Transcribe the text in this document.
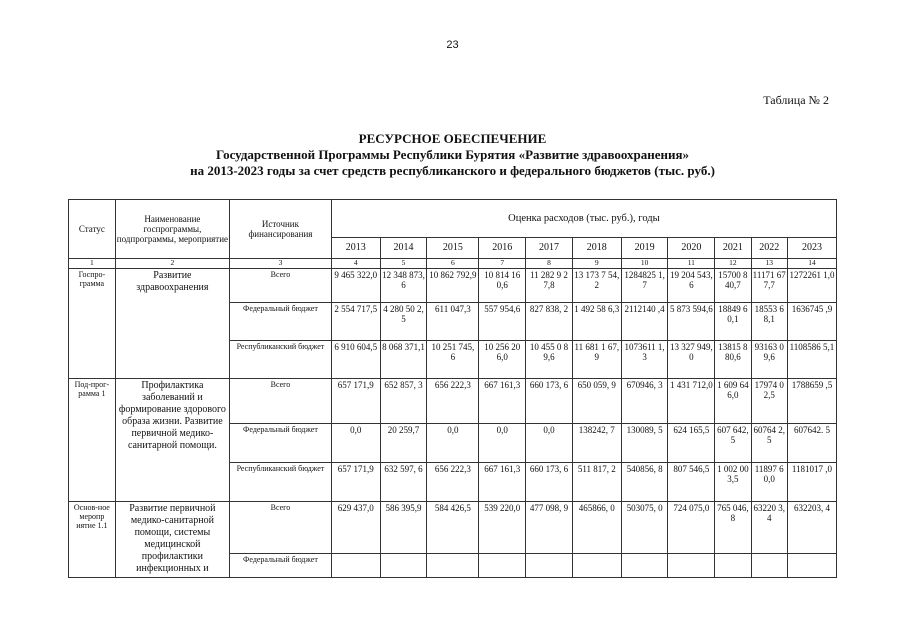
23
Таблица № 2
РЕСУРСНОЕ ОБЕСПЕЧЕНИЕ
Государственной Программы Республики Бурятия «Развитие здравоохранения»
на 2013-2023 годы за счет средств республиканского и федерального бюджетов (тыс. руб.)
Статус	Наименование госпрограммы, подпрограммы, мероприятие	Источник финансирования	Оценка расходов (тыс. руб.), годы										
			2013	2014	2015	2016	2017	2018	2019	2020	2021	2022	2023
1	2	3	4	5	6	7	8	9	10	11	12	13	14
Госпро-грамма	Развитие здравоохранения	Всего	9 465 322,0	12 348 873,6	10 862 792,9	10 814 16 0,6	11 282 9 27,8	13 173 7 54,2	1284825 1,7	19 204 543,6	15700 840,7	11171 677,7	1272261 1,0
		Федеральный бюджет	2 554 717,5	4 280 50 2,5	611 047,3	557 954,6	827 838, 2	1 492 58 6,3	2112140 ,4	5 873 594,6	18849 60,1	18553 68,1	1636745 ,9
		Республиканский бюджет	6 910 604,5	8 068 371,1	10 251 745, 6	10 256 20 6,0	10 455 0 89,6	11 681 1 67,9	1073611 1,3	13 327 949,0	13815 880,6	93163 09,6	1108586 5,1
Под-прог-рамма 1	Профилактика заболеваний и формирование здорового образа жизни. Развитие первичной медико-санитарной помощи.	Всего	657 171,9	652 857, 3	656 222,3	667 161,3	660 173, 6	650 059, 9	670946, 3	1 431 712,0	1 609 646,0	17974 02,5	1788659 ,5
		Федеральный бюджет	0,0	20 259,7	0,0	0,0	0,0	138242, 7	130089, 5	624 165,5	607 642,5	60764 2,5	607642. 5
		Республиканский бюджет	657 171,9	632 597, 6	656 222,3	667 161,3	660 173, 6	511 817, 2	540856, 8	807 546,5	1 002 003,5	11897 60,0	1181017 ,0
Основ-ное меропр иятие 1.1	Развитие первичной медико-санитарной помощи, системы медицинской профилактики инфекционных и	Всего	629 437,0	586 395,9	584 426,5	539 220,0	477 098, 9	465866, 0	503075, 0	724 075,0	765 046,8	63220 3,4	632203, 4
		Федеральный бюджет											
